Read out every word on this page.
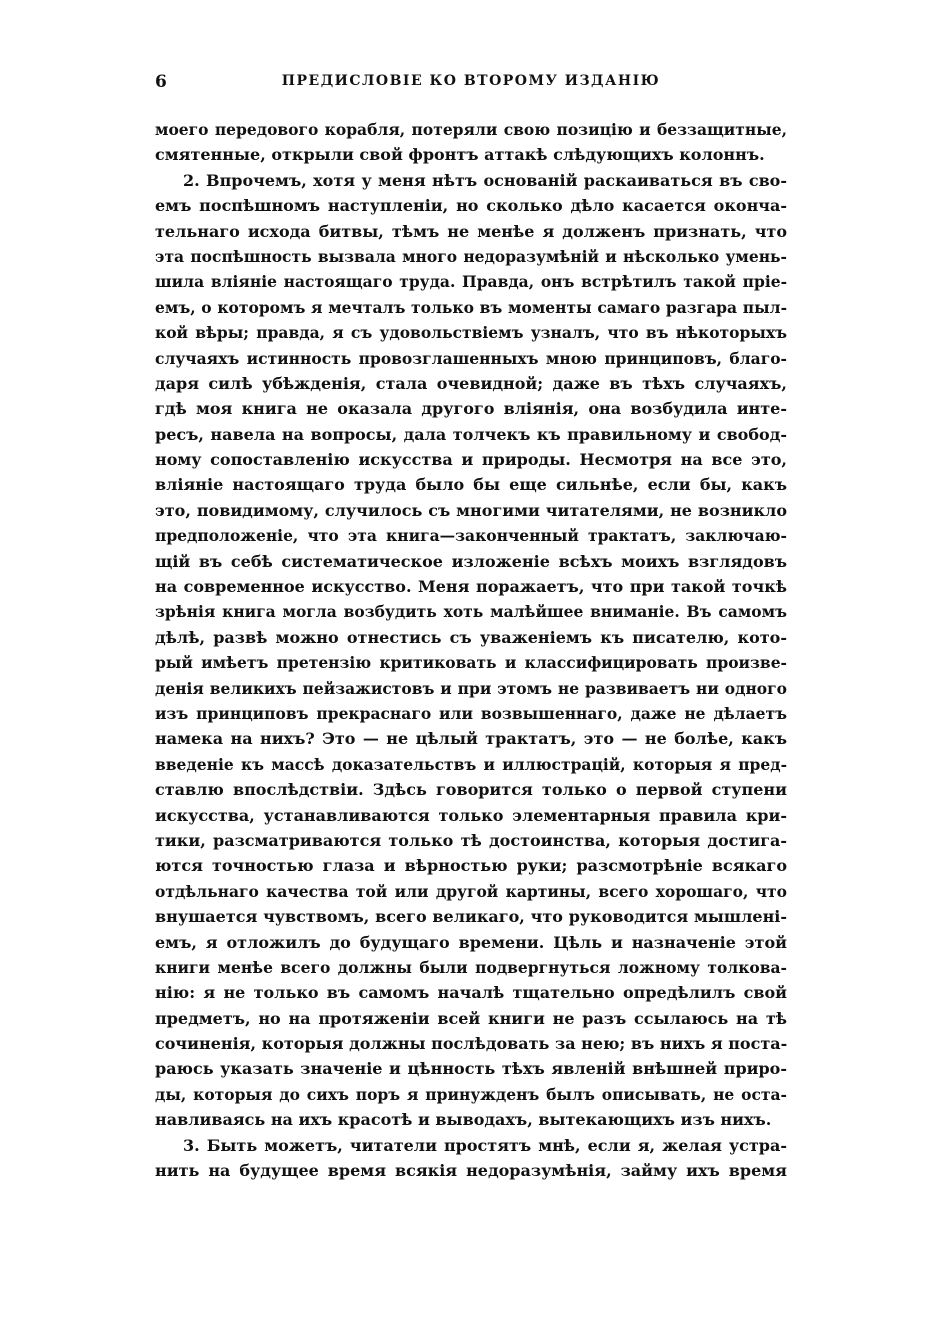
6	ПРЕДИСЛОВІЕ КО ВТОРОМУ ИЗДАНІЮ
моего передового корабля, потеряли свою позицію и беззащитные,
смятенные, открыли свой фронтъ аттакѣ слѣдующихъ колоннъ.
2. Впрочемъ, хотя у меня нѣтъ основаній раскаиваться въ сво-
емъ поспѣшномъ наступленіи, но сколько дѣло касается оконча-
тельнаго исхода битвы, тѣмъ не менѣе я долженъ признать, что
эта поспѣшность вызвала много недоразумѣній и нѣсколько умень-
шила вліяніе настоящаго труда. Правда, онъ встрѣтилъ такой пріе-
емъ, о которомъ я мечталъ только въ моменты самаго разгара пыл-
кой вѣры; правда, я съ удовольствіемъ узналъ, что въ нѣкоторыхъ
случаяхъ истинность провозглашенныхъ мною принциповъ, благо-
даря силѣ убѣжденія, стала очевидной; даже въ тѣхъ случаяхъ,
гдѣ моя книга не оказала другого вліянія, она возбудила инте-
ресъ, навела на вопросы, дала толчекъ къ правильному и свобод-
ному сопоставленію искусства и природы. Несмотря на все это,
вліяніе настоящаго труда было бы еще сильнѣе, если бы, какъ
это, повидимому, случилось съ многими читателями, не возникло
предположеніе, что эта книга—законченный трактатъ, заключаю-
щій въ себѣ систематическое изложеніе всѣхъ моихъ взглядовъ
на современное искусство. Меня поражаетъ, что при такой точкѣ
зрѣнія книга могла возбудить хоть малѣйшее вниманіе. Въ самомъ
дѣлѣ, развѣ можно отнестись съ уваженіемъ къ писателю, кото-
рый имѣетъ претензію критиковать и классифицировать произве-
денія великихъ пейзажистовъ и при этомъ не развиваетъ ни одного
изъ принциповъ прекраснаго или возвышеннаго, даже не дѣлаетъ
намека на нихъ? Это — не цѣлый трактатъ, это — не болѣе, какъ
введеніе къ массѣ доказательствъ и иллюстрацій, которыя я пред-
ставлю впослѣдствіи. Здѣсь говорится только о первой ступени
искусства, устанавливаются только элементарныя правила кри-
тики, разсматриваются только тѣ достоинства, которыя достига-
ются точностью глаза и вѣрностью руки; разсмотрѣніе всякаго
отдѣльнаго качества той или другой картины, всего хорошаго, что
внушается чувствомъ, всего великаго, что руководится мышлені-
емъ, я отложилъ до будущаго времени. Цѣль и назначеніе этой
книги менѣе всего должны были подвергнуться ложному толкова-
нію: я не только въ самомъ началѣ тщательно опредѣлилъ свой
предметъ, но на протяженіи всей книги не разъ ссылаюсь на тѣ
сочиненія, которыя должны послѣдовать за нею; въ нихъ я поста-
раюсь указать значеніе и цѣнность тѣхъ явленій внѣшней приро-
ды, которыя до сихъ поръ я принужденъ былъ описывать, не оста-
навливаясь на ихъ красотѣ и выводахъ, вытекающихъ изъ нихъ.
3. Быть можетъ, читатели простятъ мнѣ, если я, желая устра-
нить на будущее время всякія недоразумѣнія, займу ихъ время
